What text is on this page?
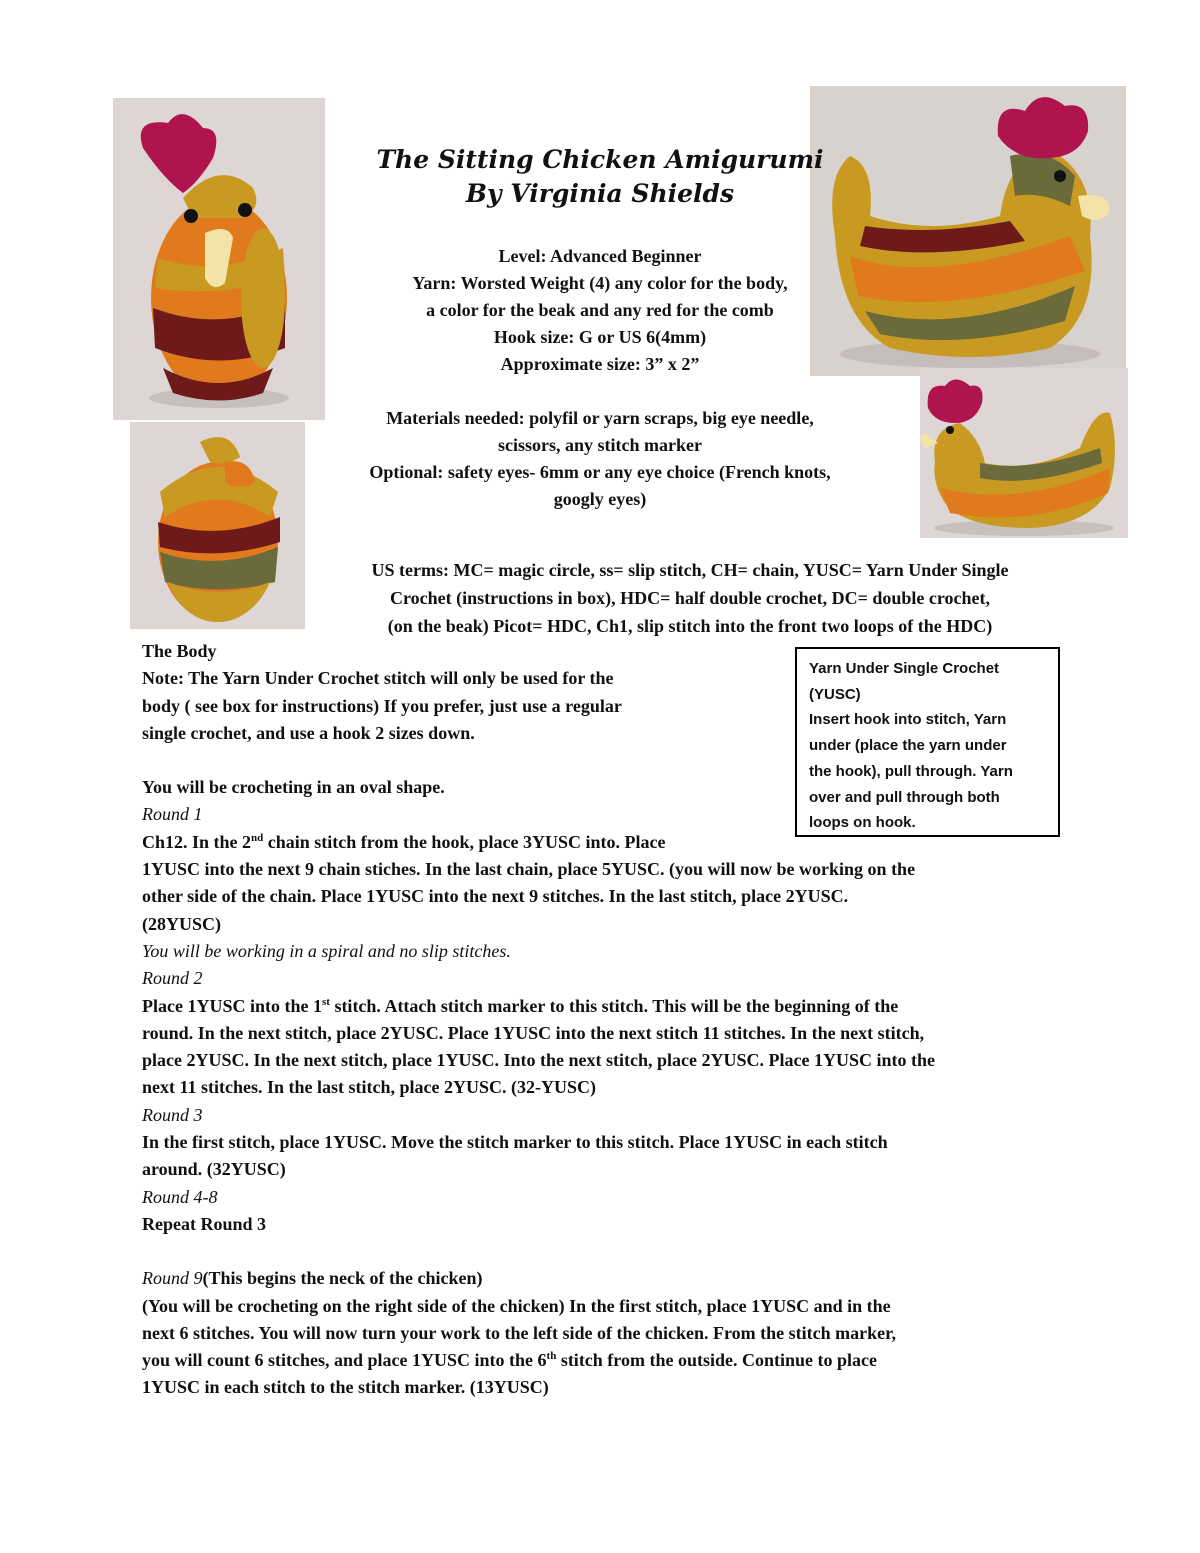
The Sitting Chicken Amigurumi
By Virginia Shields
Level: Advanced Beginner
Yarn: Worsted Weight (4) any color for the body,
a color for the beak and any red for the comb
Hook size: G or US 6(4mm)
Approximate size: 3” x 2”
Materials needed: polyfil or yarn scraps, big eye needle,
scissors, any stitch marker
Optional: safety eyes- 6mm or any eye choice (French knots,
googly eyes)
US terms: MC= magic circle, ss= slip stitch, CH= chain, YUSC= Yarn Under Single
Crochet (instructions in box), HDC= half double crochet, DC= double crochet,
(on the beak) Picot= HDC, Ch1, slip stitch into the front two loops of the HDC)
Yarn Under Single Crochet
(YUSC)
Insert hook into stitch, Yarn
under (place the yarn under
the hook), pull through. Yarn
over and pull through both
loops on hook.
The Body
Note: The Yarn Under Crochet stitch will only be used for the
body ( see box for instructions) If you prefer, just use a regular
single crochet, and use a hook 2 sizes down.
You will be crocheting in an oval shape.
Round 1
Ch12. In the 2nd chain stitch from the hook, place 3YUSC into. Place
1YUSC into the next 9 chain stiches. In the last chain, place 5YUSC. (you will now be working on the
other side of the chain. Place 1YUSC into the next 9 stitches. In the last stitch, place 2YUSC.
(28YUSC)
You will be working in a spiral and no slip stitches.
Round 2
Place 1YUSC into the 1st stitch. Attach stitch marker to this stitch. This will be the beginning of the
round. In the next stitch, place 2YUSC. Place 1YUSC into the next stitch 11 stitches. In the next stitch,
place 2YUSC. In the next stitch, place 1YUSC. Into the next stitch, place 2YUSC. Place 1YUSC into the
next 11 stitches. In the last stitch, place 2YUSC. (32-YUSC)
Round 3
In the first stitch, place 1YUSC. Move the stitch marker to this stitch. Place 1YUSC in each stitch
around. (32YUSC)
Round 4-8
Repeat Round 3
Round 9(This begins the neck of the chicken)
(You will be crocheting on the right side of the chicken) In the first stitch, place 1YUSC and in the
next 6 stitches. You will now turn your work to the left side of the chicken. From the stitch marker,
you will count 6 stitches, and place 1YUSC into the 6th stitch from the outside. Continue to place
1YUSC in each stitch to the stitch marker. (13YUSC)
